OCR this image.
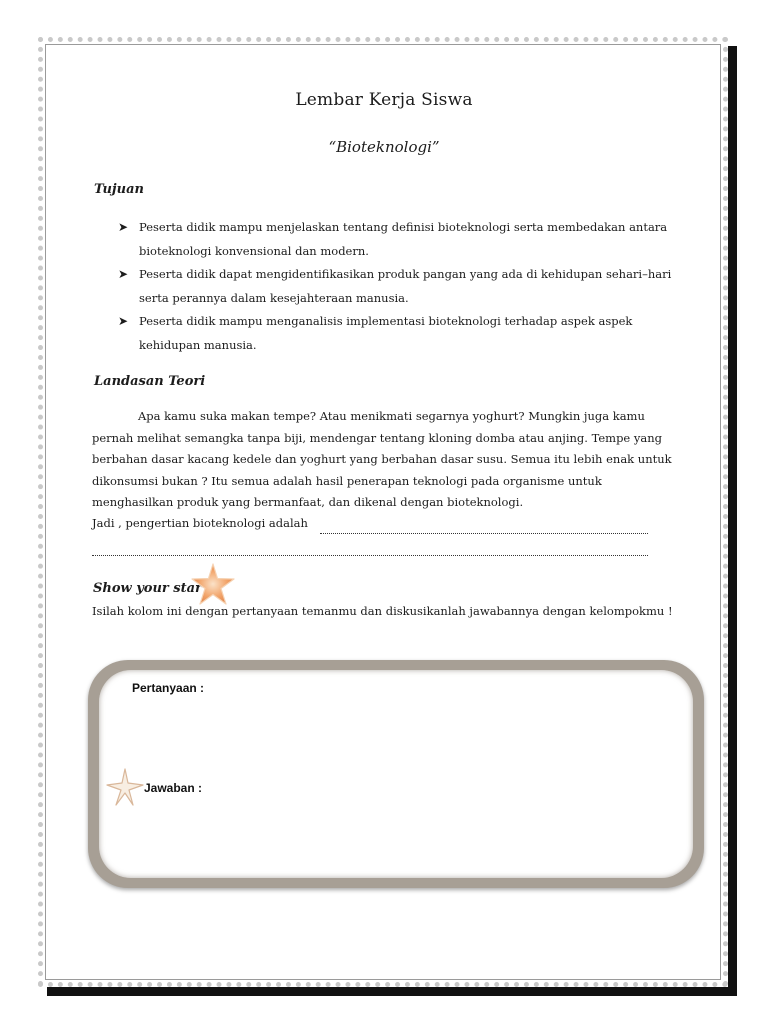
Lembar Kerja Siswa
“Bioteknologi”
Tujuan
➤ Peserta didik mampu menjelaskan tentang definisi bioteknologi serta membedakan antara bioteknologi konvensional dan modern.
➤ Peserta didik dapat mengidentifikasikan produk pangan yang ada di kehidupan sehari–hari serta perannya dalam kesejahteraan manusia.
➤ Peserta didik mampu menganalisis implementasi bioteknologi terhadap aspek aspek kehidupan manusia.
Landasan Teori

Apa kamu suka makan tempe? Atau menikmati segarnya yoghurt? Mungkin juga kamu pernah melihat semangka tanpa biji, mendengar tentang kloning domba atau anjing. Tempe yang berbahan dasar kacang kedele dan yoghurt yang berbahan dasar susu. Semua itu lebih enak untuk dikonsumsi bukan ? Itu semua adalah hasil penerapan teknologi pada organisme untuk menghasilkan produk yang bermanfaat, dan dikenal dengan bioteknologi.

Jadi , pengertian bioteknologi adalah
Show your star

Isilah kolom ini dengan pertanyaan temanmu dan diskusikanlah jawabannya dengan kelompokmu !

Pertanyaan :
Jawaban :
